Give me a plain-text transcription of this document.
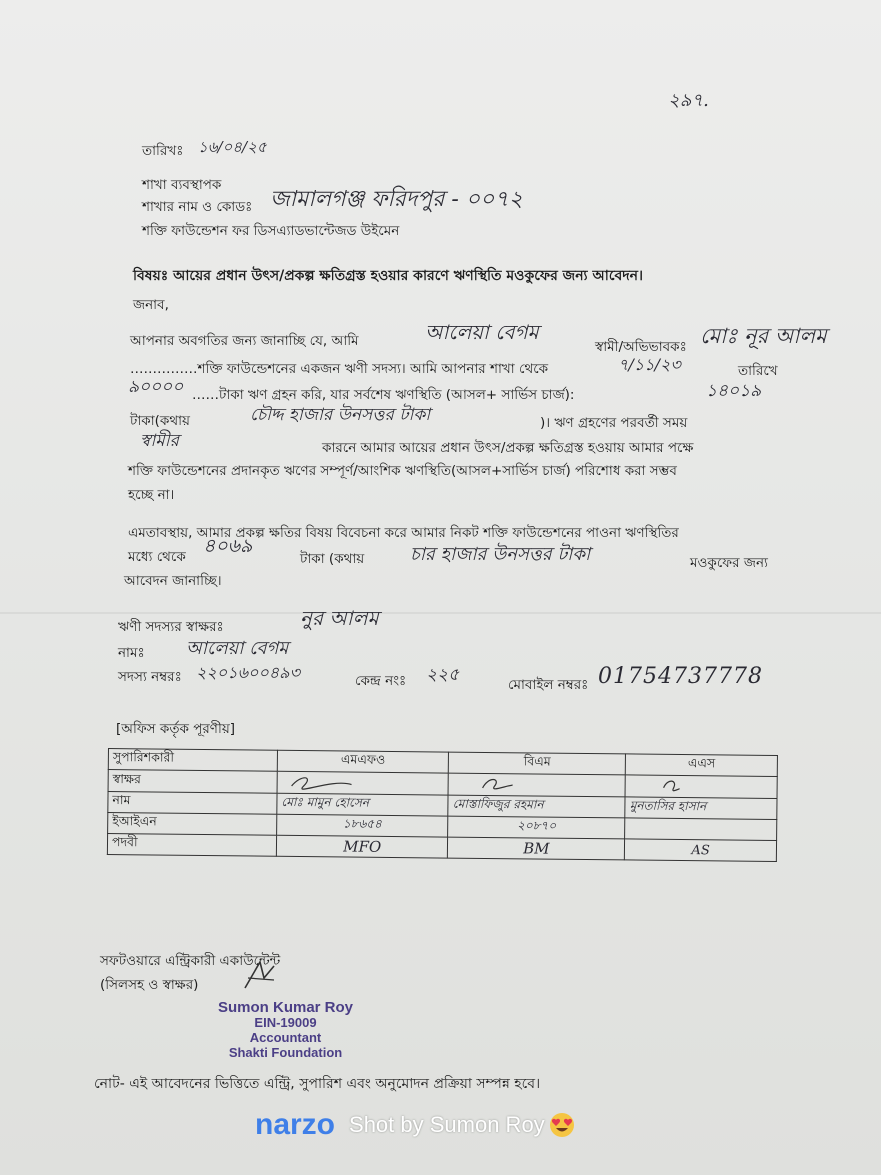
২৯৭.
তারিখঃ ১৬/০৪/২৫
শাখা ব্যবস্থাপক
শাখার নাম ও কোডঃ জামালগঞ্জ ফরিদপুর - ০০৭২
শক্তি ফাউন্ডেশন ফর ডিসএ্যাডভান্টেজড উইমেন
বিষয়ঃ আয়ের প্রধান উৎস/প্রকল্প ক্ষতিগ্রস্ত হওয়ার কারণে ঋণস্থিতি মওকুফের জন্য আবেদন।
জনাব,
আপনার অবগতির জন্য জানাচ্ছি যে, আমি	আলেয়া বেগম
স্বামী/অভিভাবকঃ মোঃ নূর আলম
……………শক্তি ফাউন্ডেশনের একজন ঋণী সদস্য। আমি আপনার শাখা থেকে	৭/১১/২৩	তারিখে
৯০০০০ ……টাকা ঋণ গ্রহন করি, যার সর্বশেষ ঋণস্থিতি (আসল+ সার্ভিস চার্জ):	১৪০১৯
টাকা(কথায়	চৌদ্দ হাজার উনসত্তর টাকা	)। ঋণ গ্রহণের পরবর্তী সময়
স্বামীর	কারনে আমার আয়ের প্রধান উৎস/প্রকল্প ক্ষতিগ্রস্ত হওয়ায় আমার পক্ষে
শক্তি ফাউন্ডেশনের প্রদানকৃত ঋণের সম্পূর্ণ/আংশিক ঋণস্থিতি(আসল+সার্ভিস চার্জ) পরিশোধ করা সম্ভব
হচ্ছে না।
এমতাবস্থায়, আমার প্রকল্প ক্ষতির বিষয় বিবেচনা করে আমার নিকট শক্তি ফাউন্ডেশনের পাওনা ঋণস্থিতির
মধ্যে থেকে ৪০৬৯
টাকা (কথায়	চার হাজার উনসত্তর টাকা	মওকুফের জন্য
আবেদন জানাচ্ছি।
ঋণী সদস্যর স্বাক্ষরঃ	নুর আলম
নামঃ আলেয়া বেগম
সদস্য নম্বরঃ ২২০১৬০০৪৯৩	কেন্দ্র নংঃ ২২৫	মোবাইল নম্বরঃ 01754737778
[অফিস কর্তৃক পূরণীয়]
সুপারিশকারী	এমএফও	বিএম	এএস
স্বাক্ষর			
নাম	মোঃ মামুন হোসেন	মোস্তাফিজুর রহমান	মুনতাসির হাসান
ইআইএন	১৮৬৫৪	২০৮৭০	
পদবী	MFO	BM	AS
সফটওয়ারে এন্ট্রিকারী একাউন্টেন্ট
(সিলসহ ও স্বাক্ষর)
Sumon Kumar Roy
EIN-19009
Accountant
Shakti Foundation
নোট- এই আবেদনের ভিত্তিতে এন্ট্রি, সুপারিশ এবং অনুমোদন প্রক্রিয়া সম্পন্ন হবে।
narzo Shot by Sumon Roy
